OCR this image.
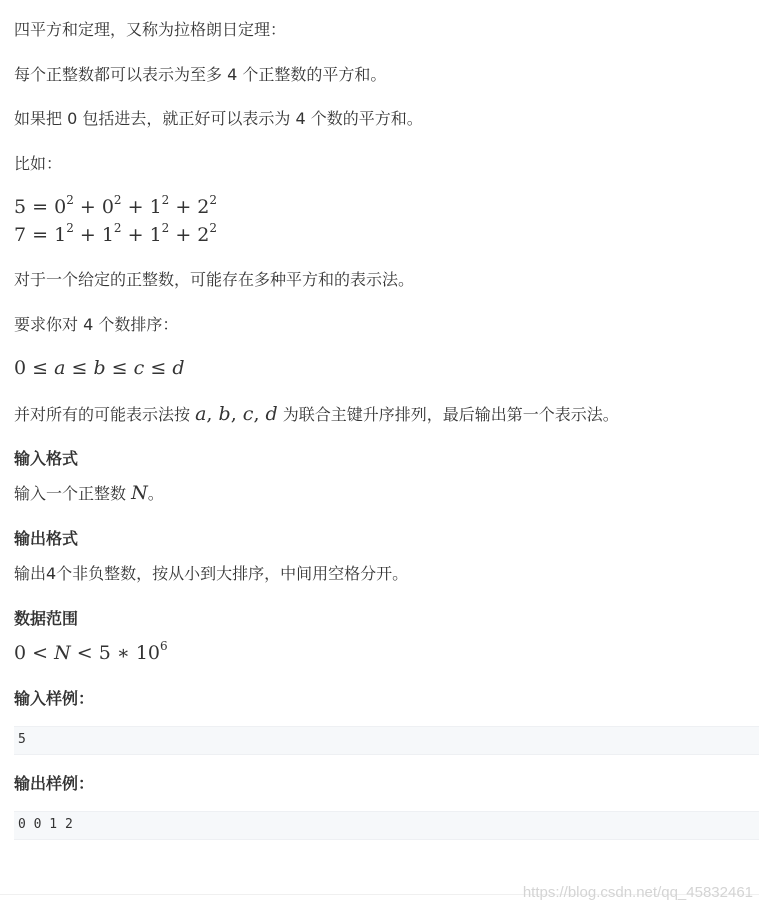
四平方和定理，又称为拉格朗日定理：
每个正整数都可以表示为至多 4 个正整数的平方和。
如果把 0 包括进去，就正好可以表示为 4 个数的平方和。
比如：
$5 = 0^2 + 0^2 + 1^2 + 2^2$
$7 = 1^2 + 1^2 + 1^2 + 2^2$
对于一个给定的正整数，可能存在多种平方和的表示法。
要求你对 4 个数排序：
0 ≤ a ≤ b ≤ c ≤ d
并对所有的可能表示法按 a, b, c, d 为联合主键升序排列，最后输出第一个表示法。
输入格式
输入一个正整数 N。
输出格式
输出4个非负整数，按从小到大排序，中间用空格分开。
数据范围
0 < N < 5 ∗ $10^6$
输入样例：
5
输出样例：
0 0 1 2
https://blog.csdn.net/qq_45832461
